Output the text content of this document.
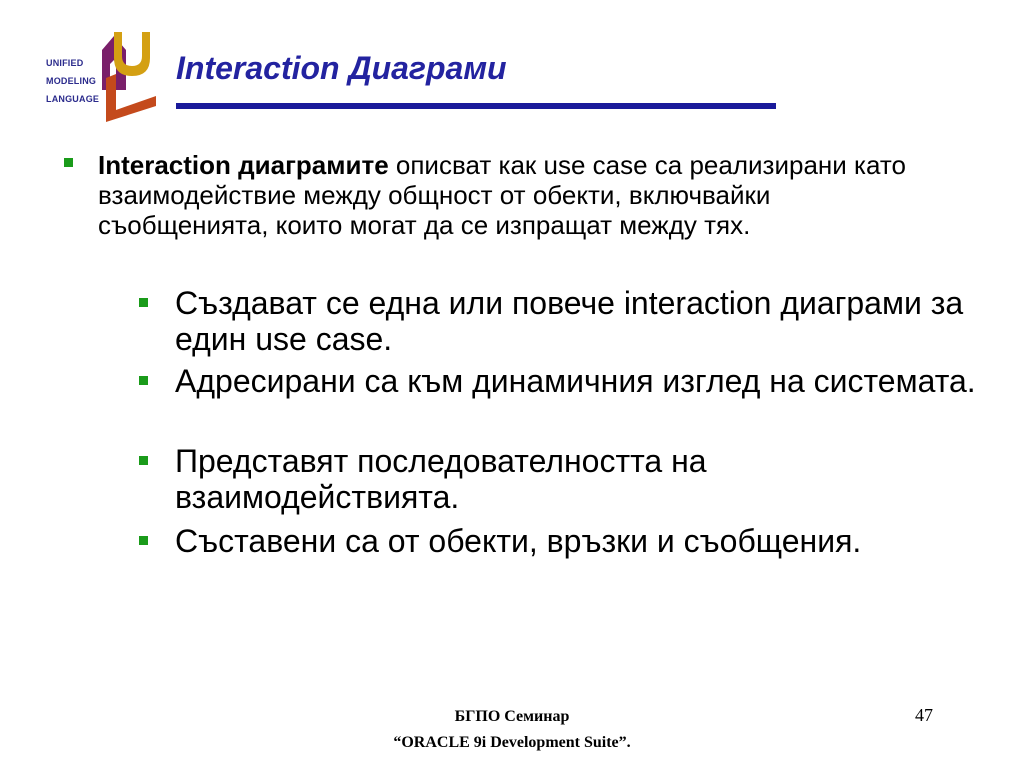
UNIFIED
MODELING
LANGUAGE
Interaction Диаграми
Interaction диаграмите описват как use case са реализирани като взаимодействие между общност от обекти, включвайки съобщенията, които могат да се изпращат между тях.
Създават се една или повече interaction диаграми за един use case.
Адресирани са към динамичния изглед на системата.
Представят последователността на взаимодействията.
Съставени са от обекти, връзки и съобщения.
БГПО Семинар
“ORACLE 9i Development Suite”.
47
